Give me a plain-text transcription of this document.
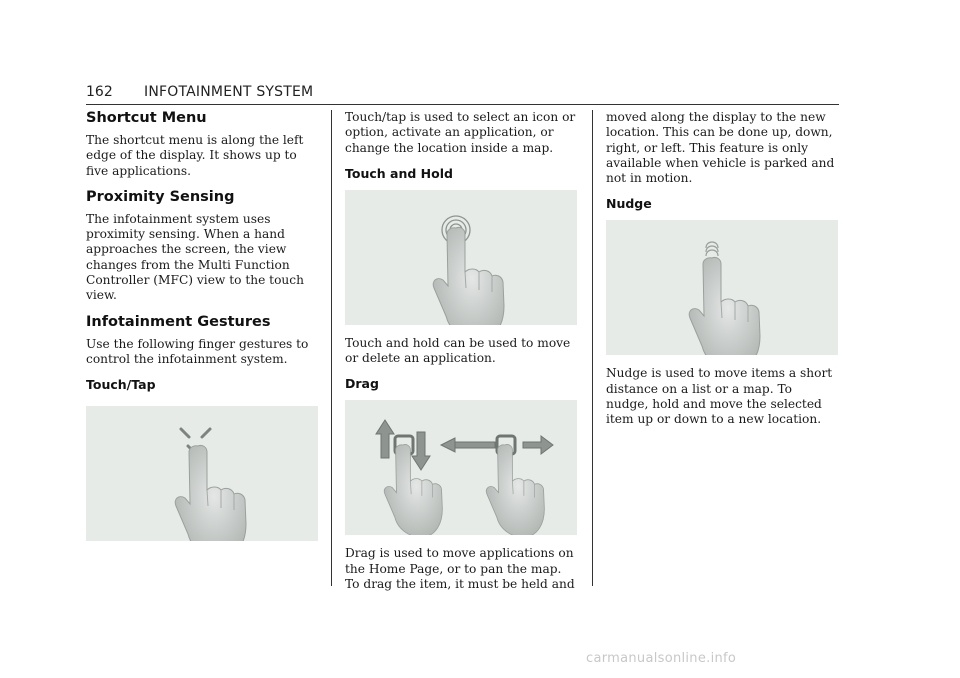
162 INFOTAINMENT SYSTEM
Shortcut Menu

The shortcut menu is along the left edge of the display. It shows up to five applications.

Proximity Sensing

The infotainment system uses proximity sensing. When a hand approaches the screen, the view changes from the Multi Function Controller (MFC) view to the touch view.

Infotainment Gestures

Use the following finger gestures to control the infotainment system.

Touch/Tap

Touch/tap is used to select an icon or option, activate an application, or change the location inside a map.

Touch and Hold

Touch and hold can be used to move or delete an application.

Drag

Drag is used to move applications on the Home Page, or to pan the map. To drag the item, it must be held and

moved along the display to the new location. This can be done up, down, right, or left. This feature is only available when vehicle is parked and not in motion.

Nudge

Nudge is used to move items a short distance on a list or a map. To nudge, hold and move the selected item up or down to a new location.

carmanualsonline.info
